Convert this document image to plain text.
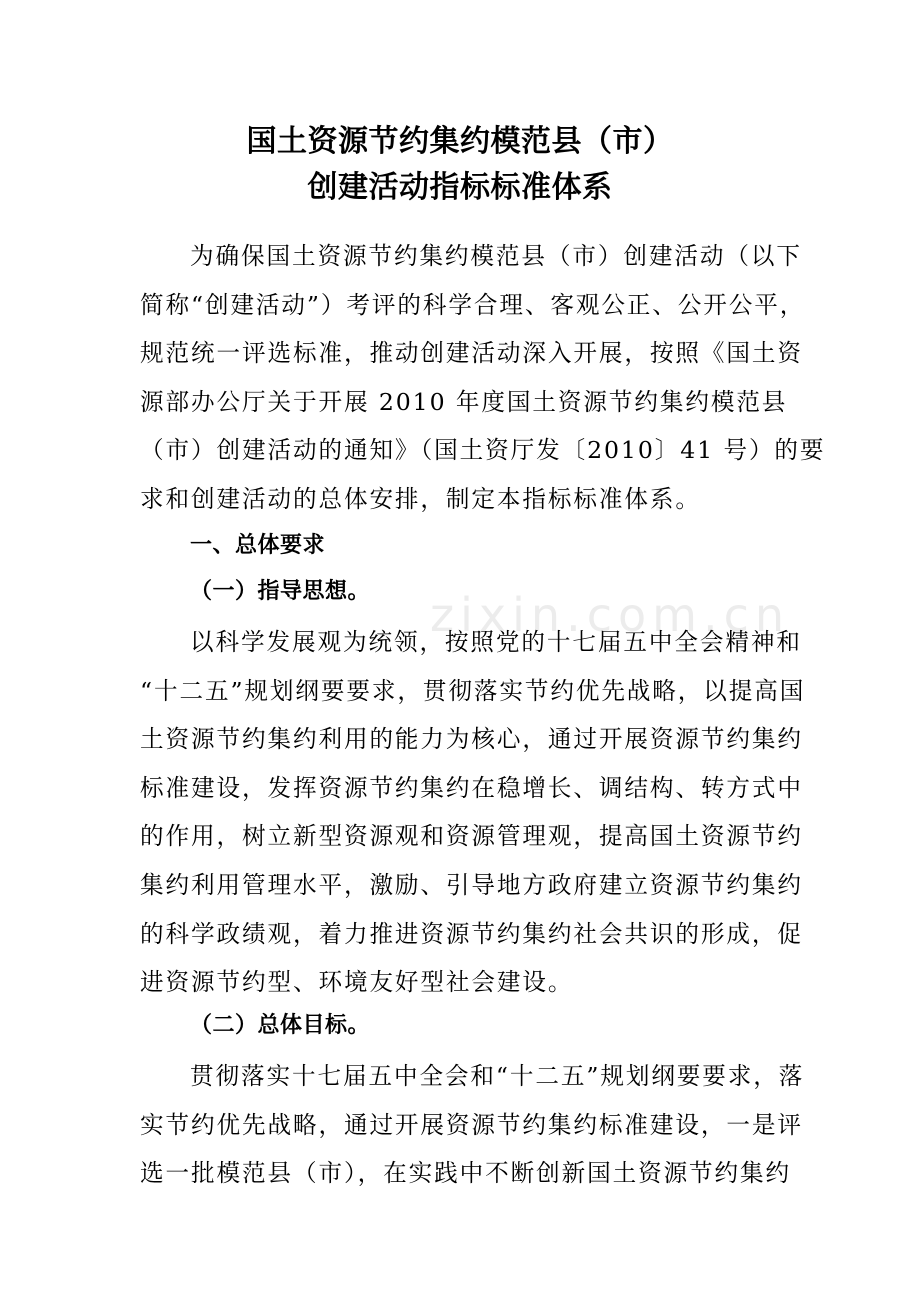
国土资源节约集约模范县（市）
创建活动指标标准体系
为确保国土资源节约集约模范县（市）创建活动（以下
简称“创建活动”）考评的科学合理、客观公正、公开公平，
规范统一评选标准，推动创建活动深入开展，按照《国土资
源部办公厅关于开展 2010 年度国土资源节约集约模范县
（市）创建活动的通知》（国土资厅发〔2010〕41 号）的要
求和创建活动的总体安排，制定本指标标准体系。
一、总体要求
（一）指导思想。 zixin.com.cn
以科学发展观为统领，按照党的十七届五中全会精神和
“十二五”规划纲要要求，贯彻落实节约优先战略，以提高国
土资源节约集约利用的能力为核心，通过开展资源节约集约
标准建设，发挥资源节约集约在稳增长、调结构、转方式中
的作用，树立新型资源观和资源管理观，提高国土资源节约
集约利用管理水平，激励、引导地方政府建立资源节约集约
的科学政绩观，着力推进资源节约集约社会共识的形成，促
进资源节约型、环境友好型社会建设。
（二）总体目标。
贯彻落实十七届五中全会和“十二五”规划纲要要求，落
实节约优先战略，通过开展资源节约集约标准建设，一是评
选一批模范县（市），在实践中不断创新国土资源节约集约
